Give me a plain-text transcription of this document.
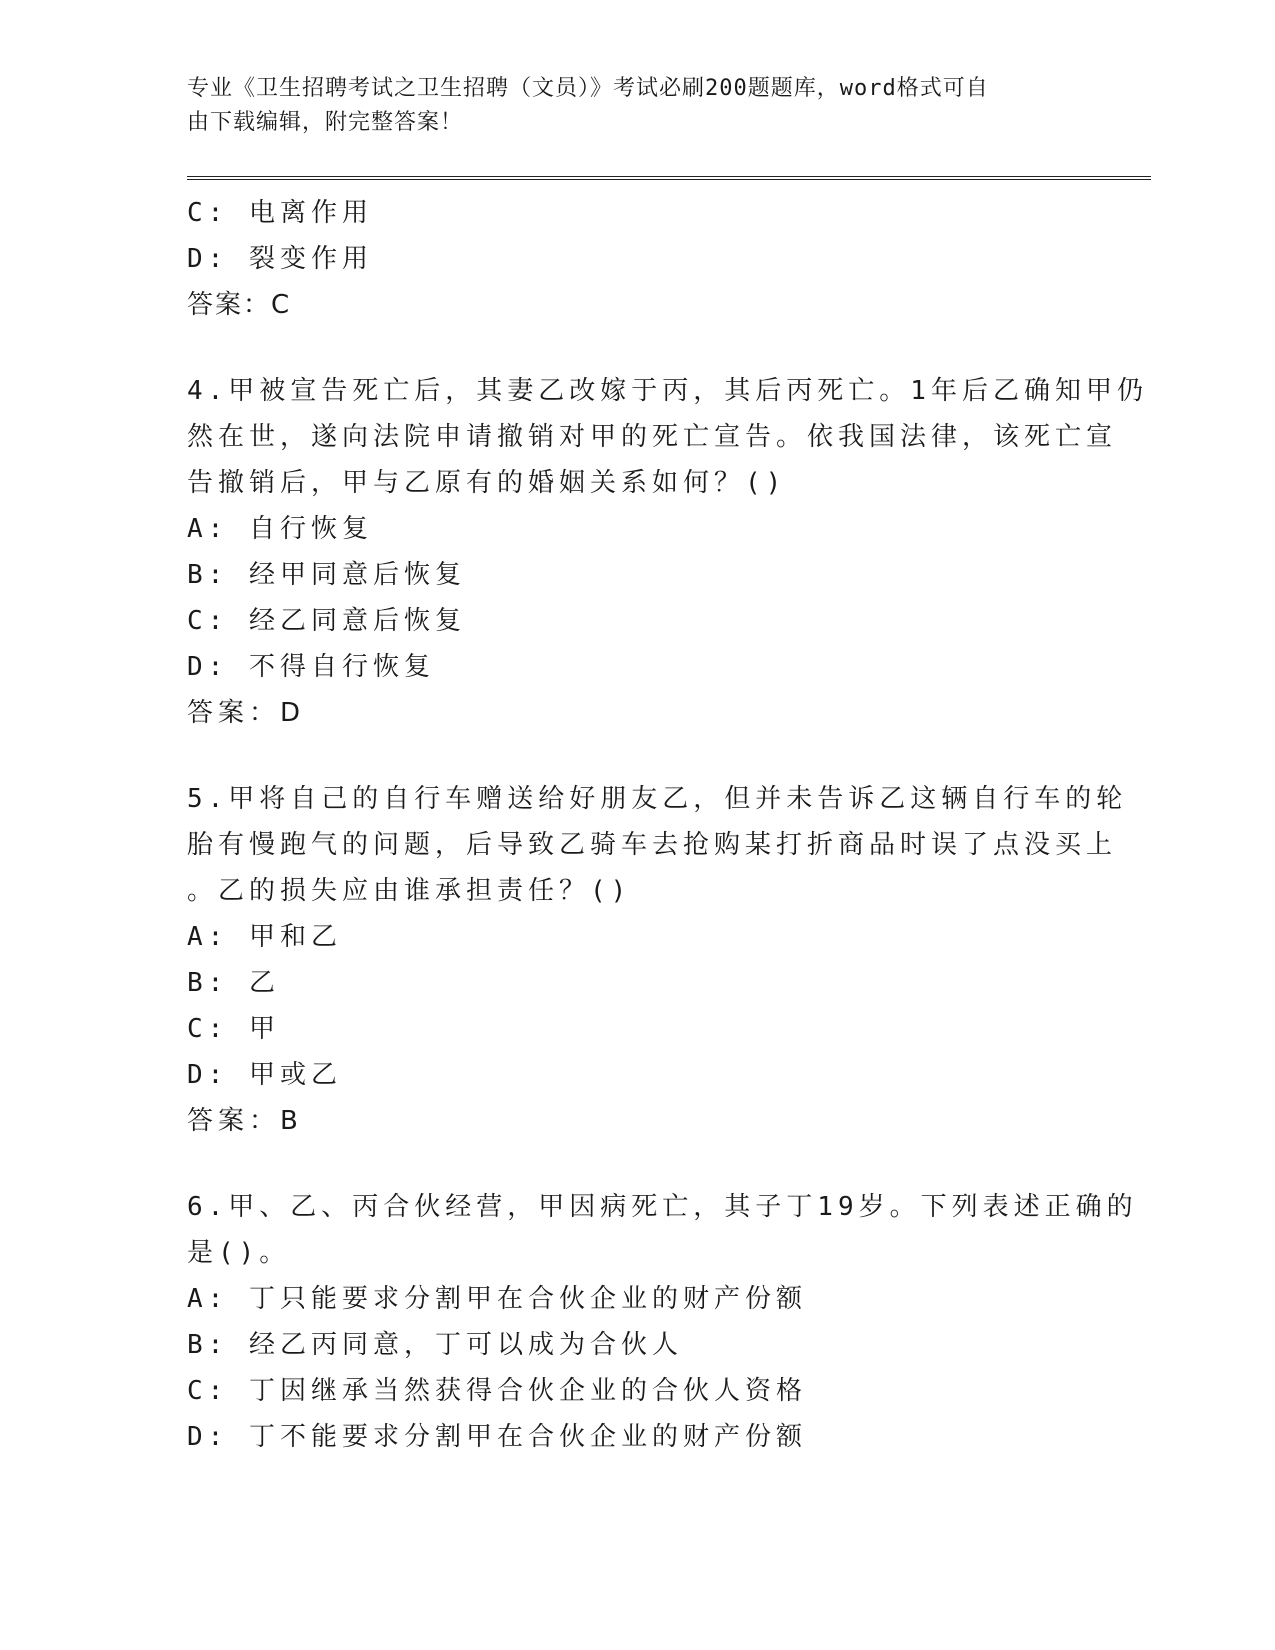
专业《卫生招聘考试之卫生招聘（文员）》考试必刷200题题库，word格式可自
由下载编辑，附完整答案！
C: 电离作用
D: 裂变作用
答案：C
4.甲被宣告死亡后，其妻乙改嫁于丙，其后丙死亡。1年后乙确知甲仍
然在世，遂向法院申请撤销对甲的死亡宣告。依我国法律，该死亡宣
告撤销后，甲与乙原有的婚姻关系如何？()
A: 自行恢复
B: 经甲同意后恢复
C: 经乙同意后恢复
D: 不得自行恢复
答案：D
5.甲将自己的自行车赠送给好朋友乙，但并未告诉乙这辆自行车的轮
胎有慢跑气的问题，后导致乙骑车去抢购某打折商品时误了点没买上
。乙的损失应由谁承担责任？()
A: 甲和乙
B: 乙
C: 甲
D: 甲或乙
答案：B
6.甲、乙、丙合伙经营，甲因病死亡，其子丁19岁。下列表述正确的
是()。
A: 丁只能要求分割甲在合伙企业的财产份额
B: 经乙丙同意，丁可以成为合伙人
C: 丁因继承当然获得合伙企业的合伙人资格
D: 丁不能要求分割甲在合伙企业的财产份额
